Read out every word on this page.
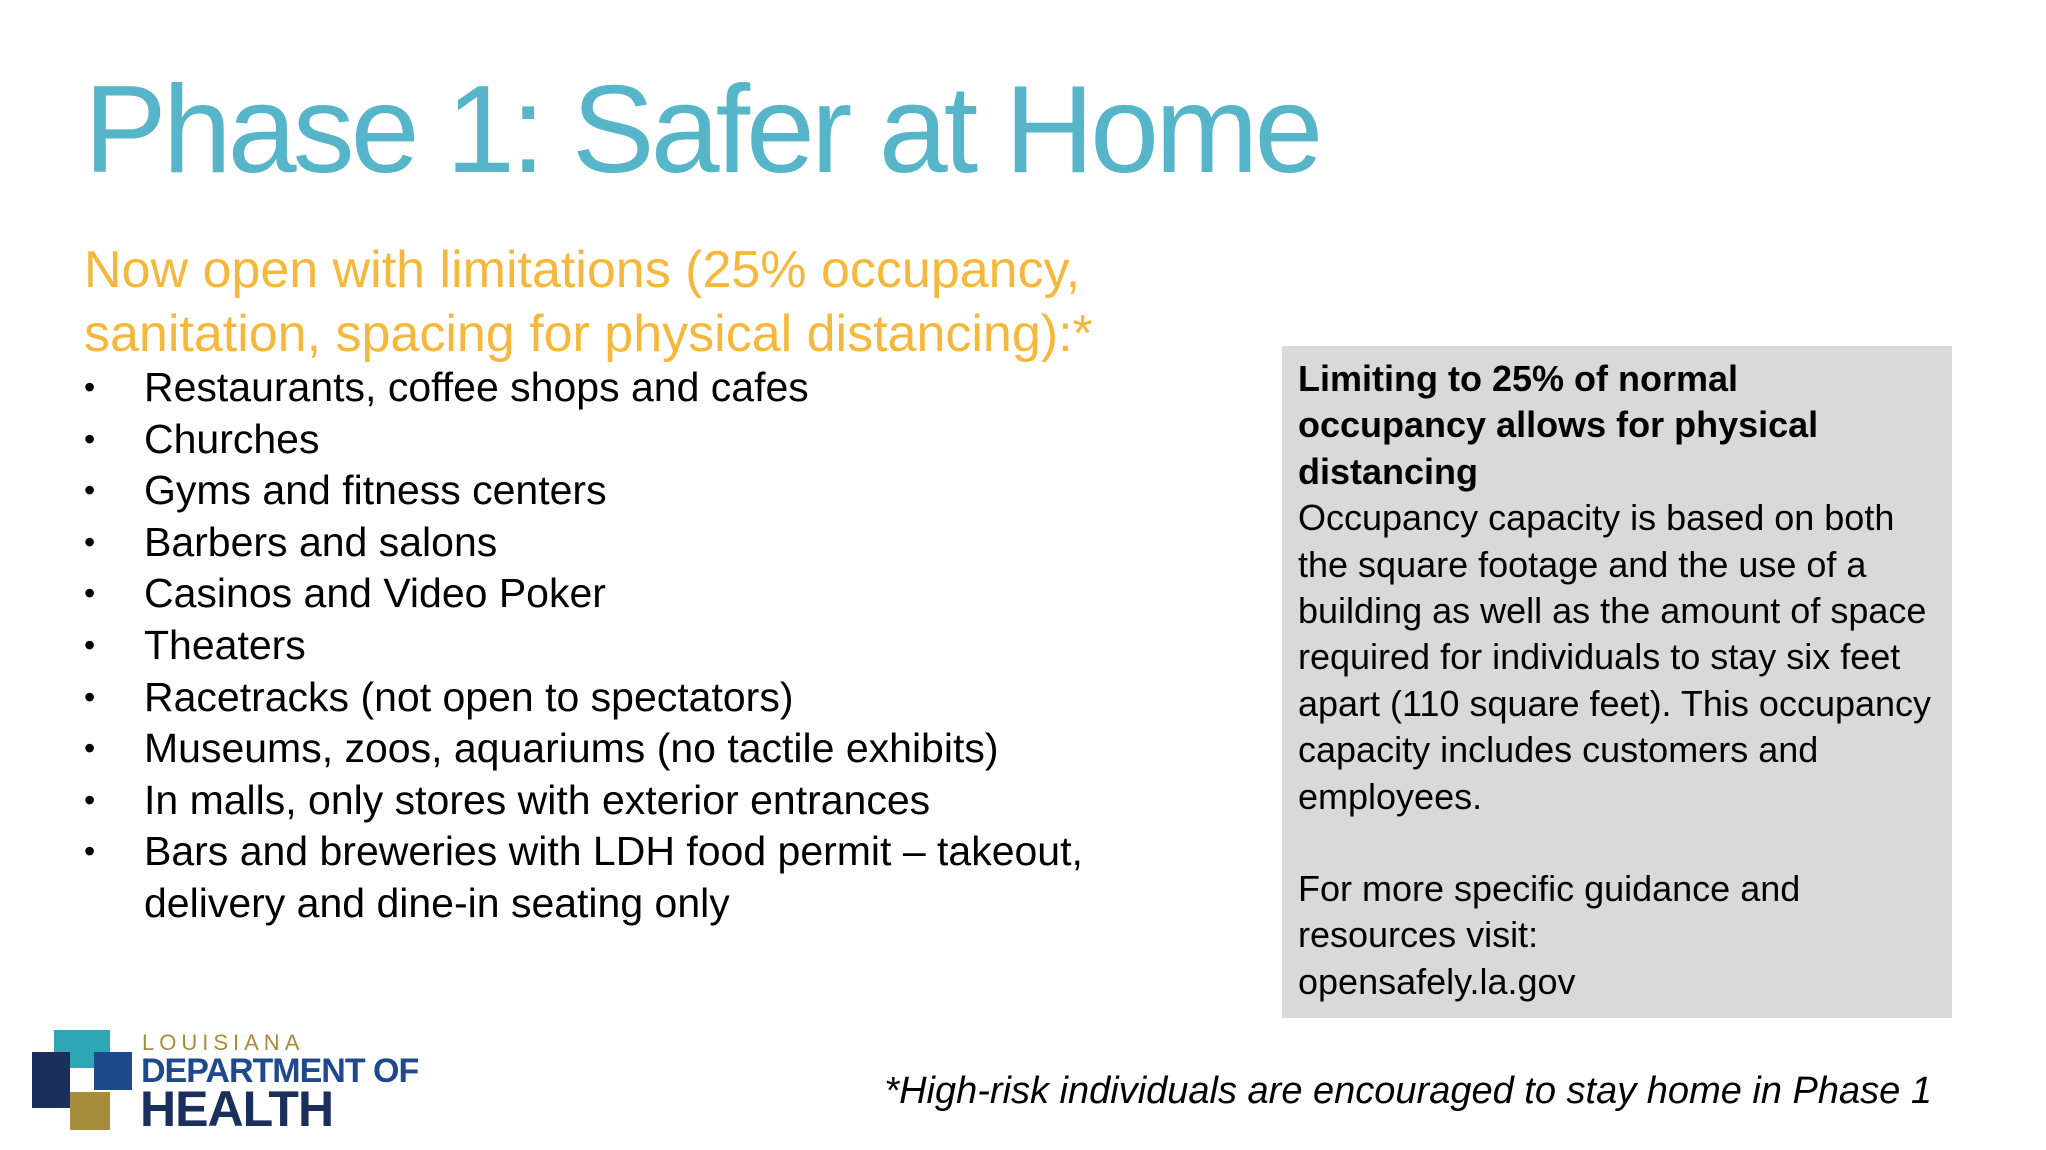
Phase 1: Safer at Home

Now open with limitations (25% occupancy, sanitation, spacing for physical distancing):*

• Restaurants, coffee shops and cafes
• Churches
• Gyms and fitness centers
• Barbers and salons
• Casinos and Video Poker
• Theaters
• Racetracks (not open to spectators)
• Museums, zoos, aquariums (no tactile exhibits)
• In malls, only stores with exterior entrances
• Bars and breweries with LDH food permit – takeout, delivery and dine-in seating only
Limiting to 25% of normal occupancy allows for physical distancing
Occupancy capacity is based on both the square footage and the use of a building as well as the amount of space required for individuals to stay six feet apart (110 square feet). This occupancy capacity includes customers and employees.
For more specific guidance and resources visit:
opensafely.la.gov
LOUISIANA
DEPARTMENT OF
HEALTH	*High-risk individuals are encouraged to stay home in Phase 1
